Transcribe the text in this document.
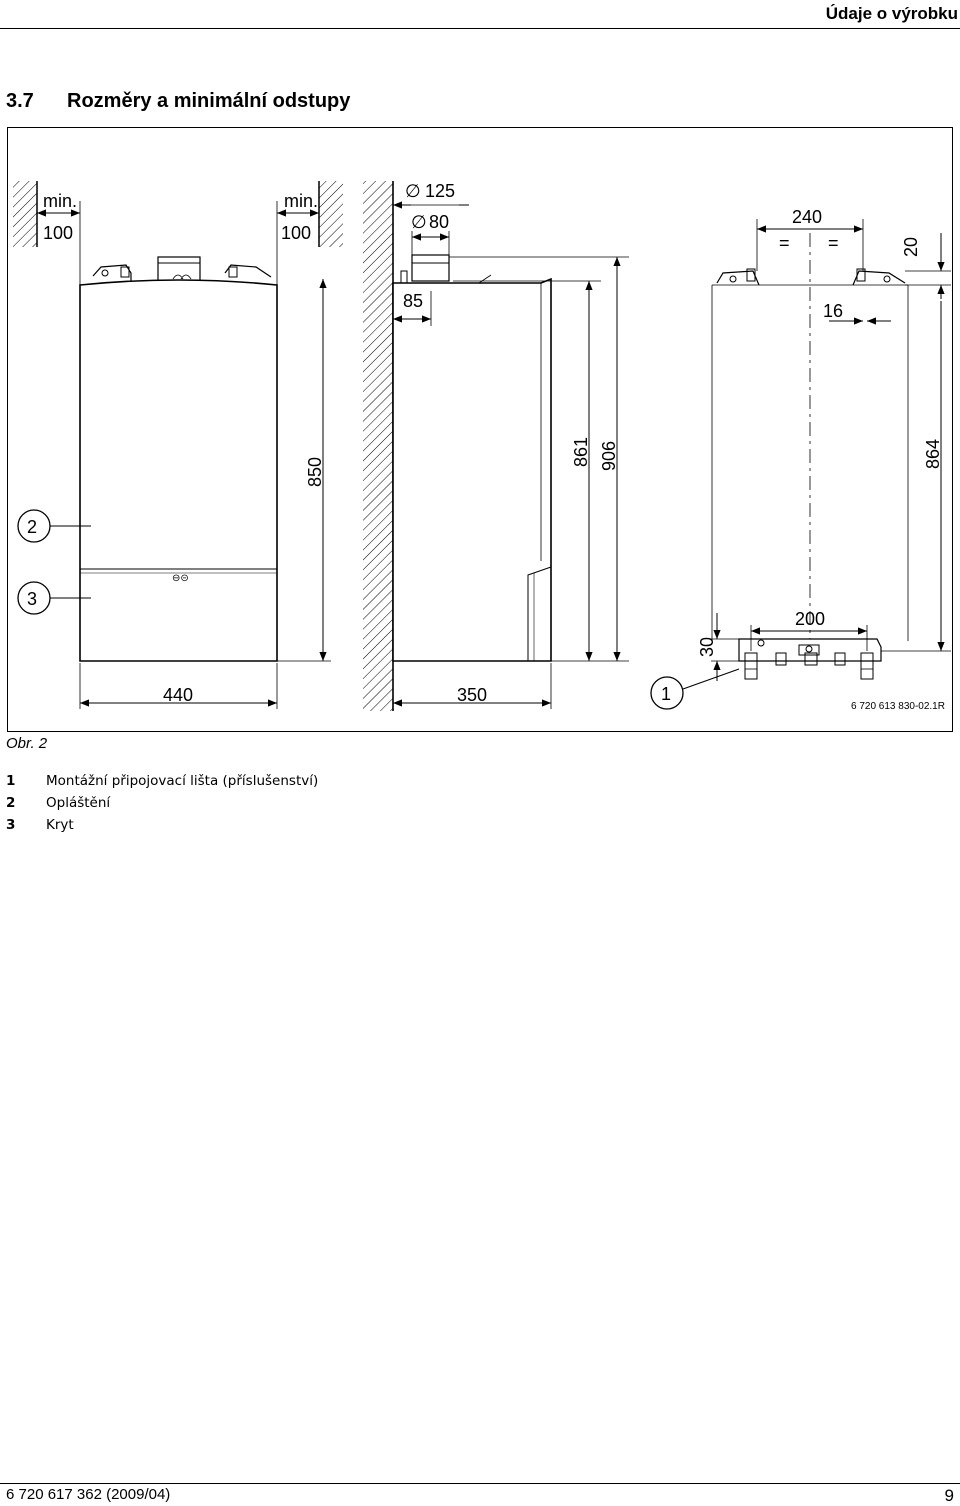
Údaje o výrobku
3.7 Rozměry a minimální odstupy
min.
100
min.
100
⊖⊝
850
440
2
3
∅ 125
∅ 80
85
861 906
350
240
= =	20
16
864
200
30
1
6 720 613 830-02.1R
Obr. 2
1 Montážní připojovací lišta (příslušenství)
2 Opláštění
3 Kryt
6 720 617 362 (2009/04)	9
